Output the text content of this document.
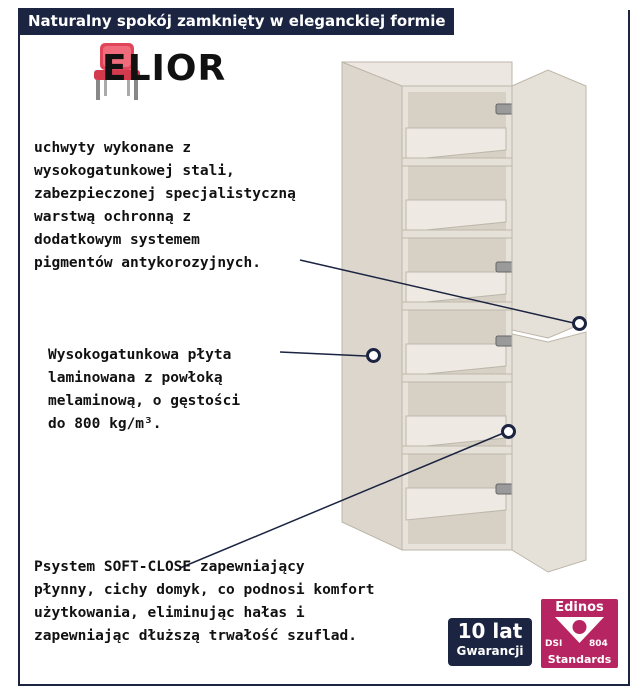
Naturalny spokój zamknięty w eleganckiej formie
ELIOR
uchwyty wykonane z
wysokogatunkowej stali,
zabezpieczonej specjalistyczną
warstwą ochronną z
dodatkowym systemem
pigmentów antykorozyjnych.
Wysokogatunkowa płyta
laminowana z powłoką
melaminową, o gęstości
do 800 kg/m³.
Psystem SOFT-CLOSE zapewniający
płynny, cichy domyk, co podnosi komfort
użytkowania, eliminując hałas i
zapewniając dłuższą trwałość szuflad.	10 lat
Gwarancji
Edinos
DSI	804
Standards
